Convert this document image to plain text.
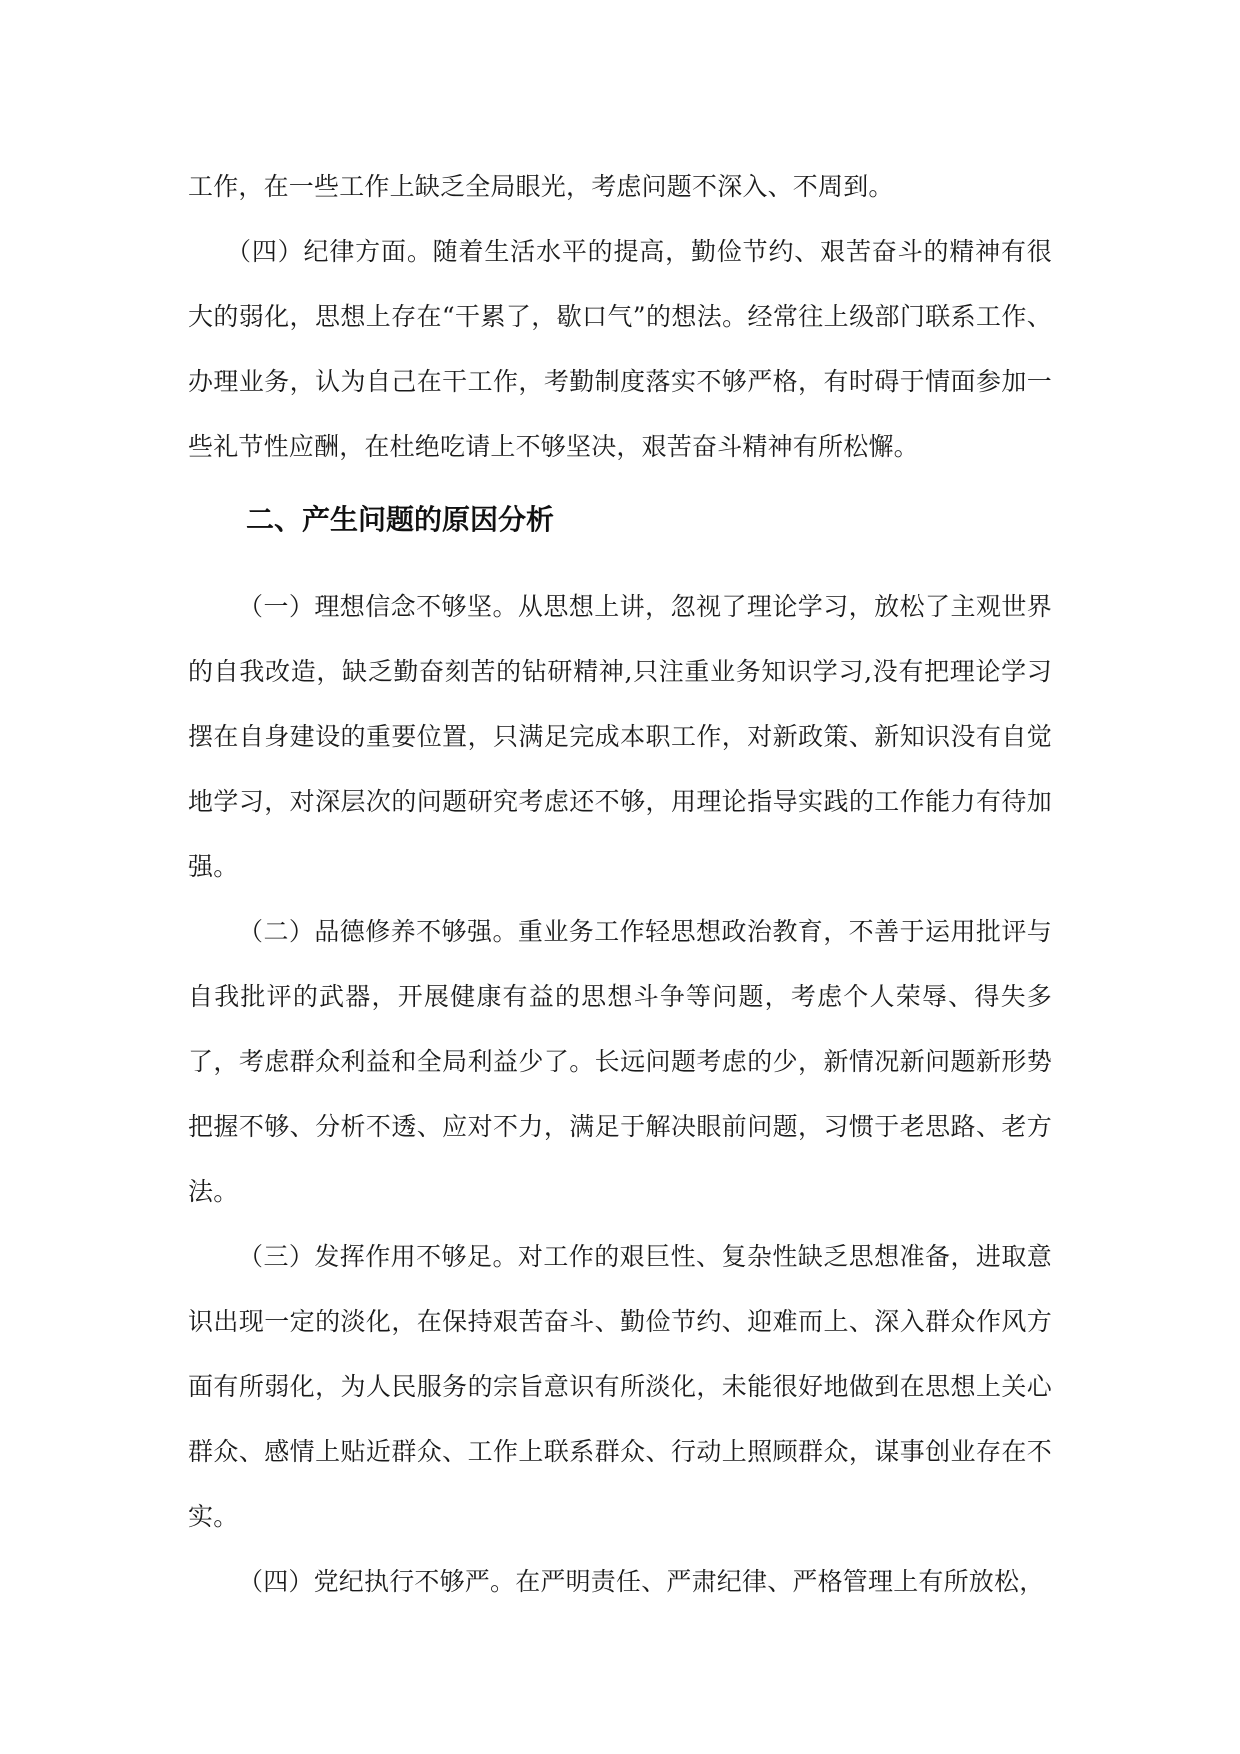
工作，在一些工作上缺乏全局眼光，考虑问题不深入、不周到。

（四）纪律方面。随着生活水平的提高，勤俭节约、艰苦奋斗的精神有很大的弱化，思想上存在“干累了，歇口气”的想法。经常往上级部门联系工作、办理业务，认为自己在干工作，考勤制度落实不够严格，有时碍于情面参加一些礼节性应酬，在杜绝吃请上不够坚决，艰苦奋斗精神有所松懈。

二、产生问题的原因分析

（一）理想信念不够坚。从思想上讲，忽视了理论学习，放松了主观世界的自我改造，缺乏勤奋刻苦的钻研精神,只注重业务知识学习,没有把理论学习摆在自身建设的重要位置，只满足完成本职工作，对新政策、新知识没有自觉地学习，对深层次的问题研究考虑还不够，用理论指导实践的工作能力有待加强。

（二）品德修养不够强。重业务工作轻思想政治教育，不善于运用批评与自我批评的武器，开展健康有益的思想斗争等问题，考虑个人荣辱、得失多了，考虑群众利益和全局利益少了。长远问题考虑的少，新情况新问题新形势把握不够、分析不透、应对不力，满足于解决眼前问题，习惯于老思路、老方法。

（三）发挥作用不够足。对工作的艰巨性、复杂性缺乏思想准备，进取意识出现一定的淡化，在保持艰苦奋斗、勤俭节约、迎难而上、深入群众作风方面有所弱化，为人民服务的宗旨意识有所淡化，未能很好地做到在思想上关心群众、感情上贴近群众、工作上联系群众、行动上照顾群众，谋事创业存在不实。

（四）党纪执行不够严。在严明责任、严肃纪律、严格管理上有所放松，
